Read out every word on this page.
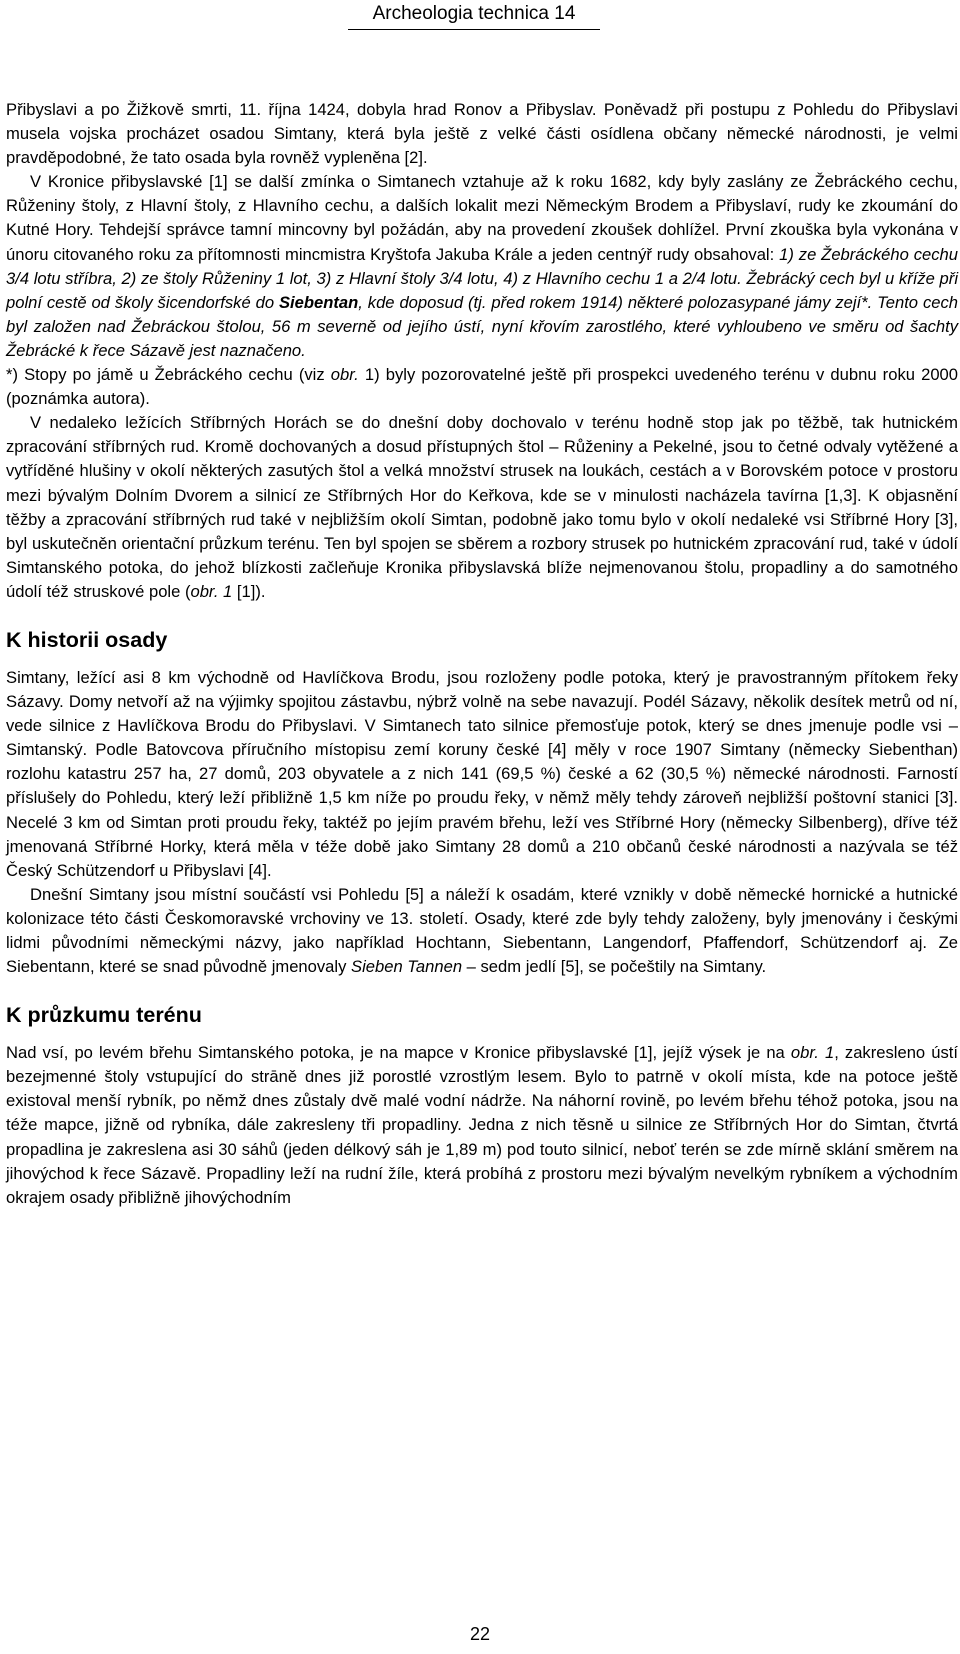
Archeologia technica 14

Přibyslavi a po Žižkově smrti, 11. října 1424, dobyla hrad Ronov a Přibyslav. Poněvadž při postupu z Pohledu do Přibyslavi musela vojska procházet osadou Simtany, která byla ještě z velké části osídlena občany německé národnosti, je velmi pravděpodobné, že tato osada byla rovněž vypleněna [2].

V Kronice přibyslavské [1] se další zmínka o Simtanech vztahuje až k roku 1682, kdy byly zaslány ze Žebráckého cechu, Růženiny štoly, z Hlavní štoly, z Hlavního cechu, a dalších lokalit mezi Německým Brodem a Přibyslaví, rudy ke zkoumání do Kutné Hory. Tehdejší správce tamní mincovny byl požádán, aby na provedení zkoušek dohlížel. První zkouška byla vykonána v únoru citovaného roku za přítomnosti mincmistra Kryštofa Jakuba Krále a jeden centnýř rudy obsahoval: 1) ze Žebráckého cechu 3/4 lotu stříbra, 2) ze štoly Růženiny 1 lot, 3) z Hlavní štoly 3/4 lotu, 4) z Hlavního cechu 1 a 2/4 lotu. Žebrácký cech byl u kříže při polní cestě od školy šicendorfské do Siebentan, kde doposud (tj. před rokem 1914) některé polozasypané jámy zejí*. Tento cech byl založen nad Žebráckou štolou, 56 m severně od jejího ústí, nyní křovím zarostlého, které vyhloubeno ve směru od šachty Žebrácké k řece Sázavě jest naznačeno.

*) Stopy po jámě u Žebráckého cechu (viz obr. 1) byly pozorovatelné ještě při prospekci uvedeného terénu v dubnu roku 2000 (poznámka autora).

V nedaleko ležících Stříbrných Horách se do dnešní doby dochovalo v terénu hodně stop jak po těžbě, tak hutnickém zpracování stříbrných rud. Kromě dochovaných a dosud přístupných štol – Růženiny a Pekelné, jsou to četné odvaly vytěžené a vytříděné hlušiny v okolí některých zasutých štol a velká množství strusek na loukách, cestách a v Borovském potoce v prostoru mezi bývalým Dolním Dvorem a silnicí ze Stříbrných Hor do Keřkova, kde se v minulosti nacházela tavírna [1,3]. K objasnění těžby a zpracování stříbrných rud také v nejbližším okolí Simtan, podobně jako tomu bylo v okolí nedaleké vsi Stříbrné Hory [3], byl uskutečněn orientační průzkum terénu. Ten byl spojen se sběrem a rozbory strusek po hutnickém zpracování rud, také v údolí Simtanského potoka, do jehož blízkosti začleňuje Kronika přibyslavská blíže nejmenovanou štolu, propadliny a do samotného údolí též struskové pole (obr. 1 [1]).

K historii osady

Simtany, ležící asi 8 km východně od Havlíčkova Brodu, jsou rozloženy podle potoka, který je pravostranným přítokem řeky Sázavy. Domy netvoří až na výjimky spojitou zástavbu, nýbrž volně na sebe navazují. Podél Sázavy, několik desítek metrů od ní, vede silnice z Havlíčkova Brodu do Přibyslavi. V Simtanech tato silnice přemosťuje potok, který se dnes jmenuje podle vsi – Simtanský. Podle Batovcova příručního místopisu zemí koruny české [4] měly v roce 1907 Simtany (německy Siebenthan) rozlohu katastru 257 ha, 27 domů, 203 obyvatele a z nich 141 (69,5 %) české a 62 (30,5 %) německé národnosti. Farností příslušely do Pohledu, který leží přibližně 1,5 km níže po proudu řeky, v němž měly tehdy zároveň nejbližší poštovní stanici [3]. Necelé 3 km od Simtan proti proudu řeky, taktéž po jejím pravém břehu, leží ves Stříbrné Hory (německy Silbenberg), dříve též jmenovaná Stříbrné Horky, která měla v téže době jako Simtany 28 domů a 210 občanů české národnosti a nazývala se též Český Schützendorf u Přibyslavi [4].

Dnešní Simtany jsou místní součástí vsi Pohledu [5] a náleží k osadám, které vznikly v době německé hornické a hutnické kolonizace této části Českomoravské vrchoviny ve 13. století. Osady, které zde byly tehdy založeny, byly jmenovány i českými lidmi původními německými názvy, jako například Hochtann, Siebentann, Langendorf, Pfaffendorf, Schützendorf aj. Ze Siebentann, které se snad původně jmenovaly Sieben Tannen – sedm jedlí [5], se počeštily na Simtany.

K průzkumu terénu

Nad vsí, po levém břehu Simtanského potoka, je na mapce v Kronice přibyslavské [1], jejíž výsek je na obr. 1, zakresleno ústí bezejmenné štoly vstupující do strāně dnes již porostlé vzrostlým lesem. Bylo to patrně v okolí místa, kde na potoce ještě existoval menší rybník, po němž dnes zůstaly dvě malé vodní nádrže. Na náhorní rovině, po levém břehu téhož potoka, jsou na téže mapce, jižně od rybníka, dále zakresleny tři propadliny. Jedna z nich těsně u silnice ze Stříbrných Hor do Simtan, čtvrtá propadlina je zakreslena asi 30 sáhů (jeden délkový sáh je 1,89 m) pod touto silnicí, neboť terén se zde mírně sklání směrem na jihovýchod k řece Sázavě. Propadliny leží na rudní žíle, která probíhá z prostoru mezi bývalým nevelkým rybníkem a východním okrajem osady přibližně jihovýchodním

22
